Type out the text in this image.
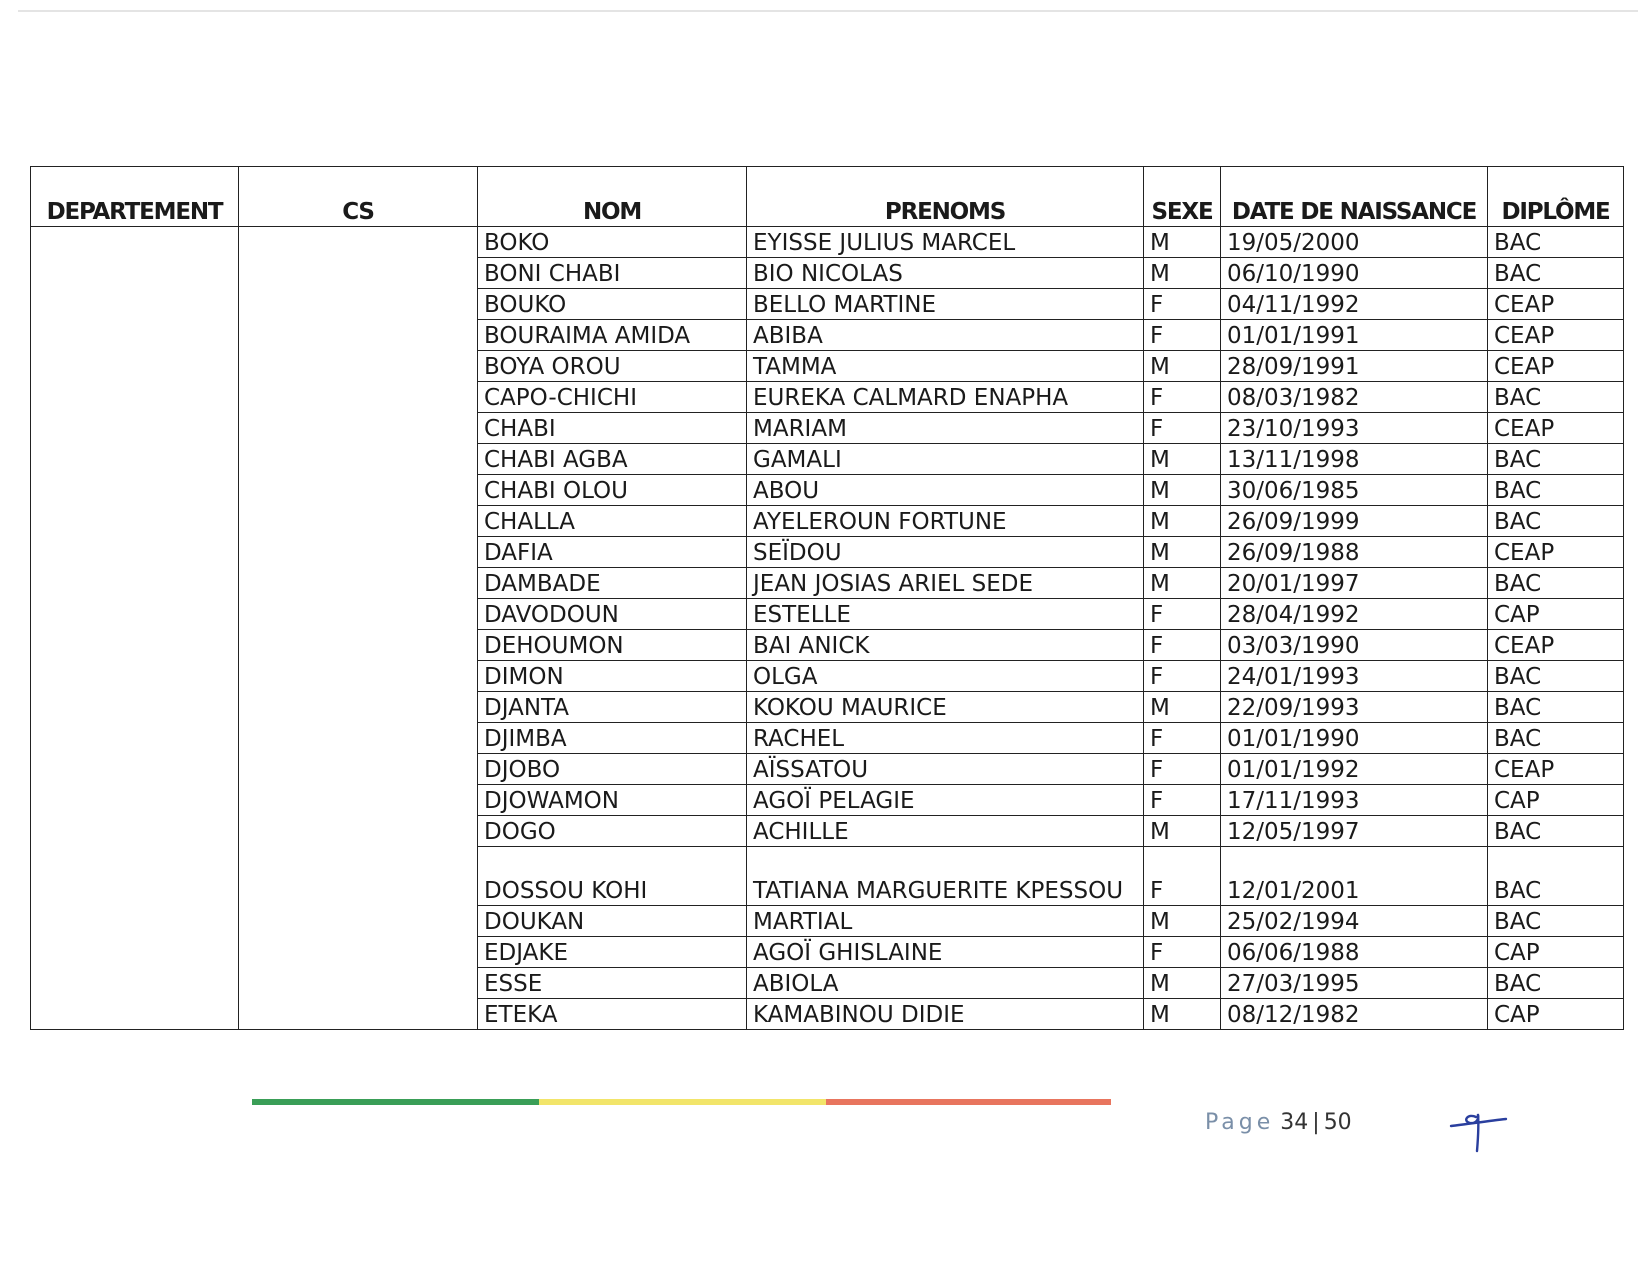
DEPARTEMENT	CS	NOM	PRENOMS	SEXE	DATE DE NAISSANCE	DIPLÔME
		BOKO	EYISSE JULIUS MARCEL	M	19/05/2000	BAC
		BONI CHABI	BIO NICOLAS	M	06/10/1990	BAC
		BOUKO	BELLO MARTINE	F	04/11/1992	CEAP
		BOURAIMA AMIDA	ABIBA	F	01/01/1991	CEAP
		BOYA OROU	TAMMA	M	28/09/1991	CEAP
		CAPO-CHICHI	EUREKA CALMARD ENAPHA	F	08/03/1982	BAC
		CHABI	MARIAM	F	23/10/1993	CEAP
		CHABI AGBA	GAMALI	M	13/11/1998	BAC
		CHABI OLOU	ABOU	M	30/06/1985	BAC
		CHALLA	AYELEROUN FORTUNE	M	26/09/1999	BAC
		DAFIA	SEÏDOU	M	26/09/1988	CEAP
		DAMBADE	JEAN JOSIAS ARIEL SEDE	M	20/01/1997	BAC
		DAVODOUN	ESTELLE	F	28/04/1992	CAP
		DEHOUMON	BAI ANICK	F	03/03/1990	CEAP
		DIMON	OLGA	F	24/01/1993	BAC
		DJANTA	KOKOU MAURICE	M	22/09/1993	BAC
		DJIMBA	RACHEL	F	01/01/1990	BAC
		DJOBO	AÏSSATOU	F	01/01/1992	CEAP
		DJOWAMON	AGOÏ PELAGIE	F	17/11/1993	CAP
		DOGO	ACHILLE	M	12/05/1997	BAC
		DOSSOU KOHI	TATIANA MARGUERITE KPESSOU	F	12/01/2001	BAC
		DOUKAN	MARTIAL	M	25/02/1994	BAC
		EDJAKE	AGOÏ GHISLAINE	F	06/06/1988	CAP
		ESSE	ABIOLA	M	27/03/1995	BAC
		ETEKA	KAMABINOU DIDIE	M	08/12/1982	CAP
Page 34 | 50
